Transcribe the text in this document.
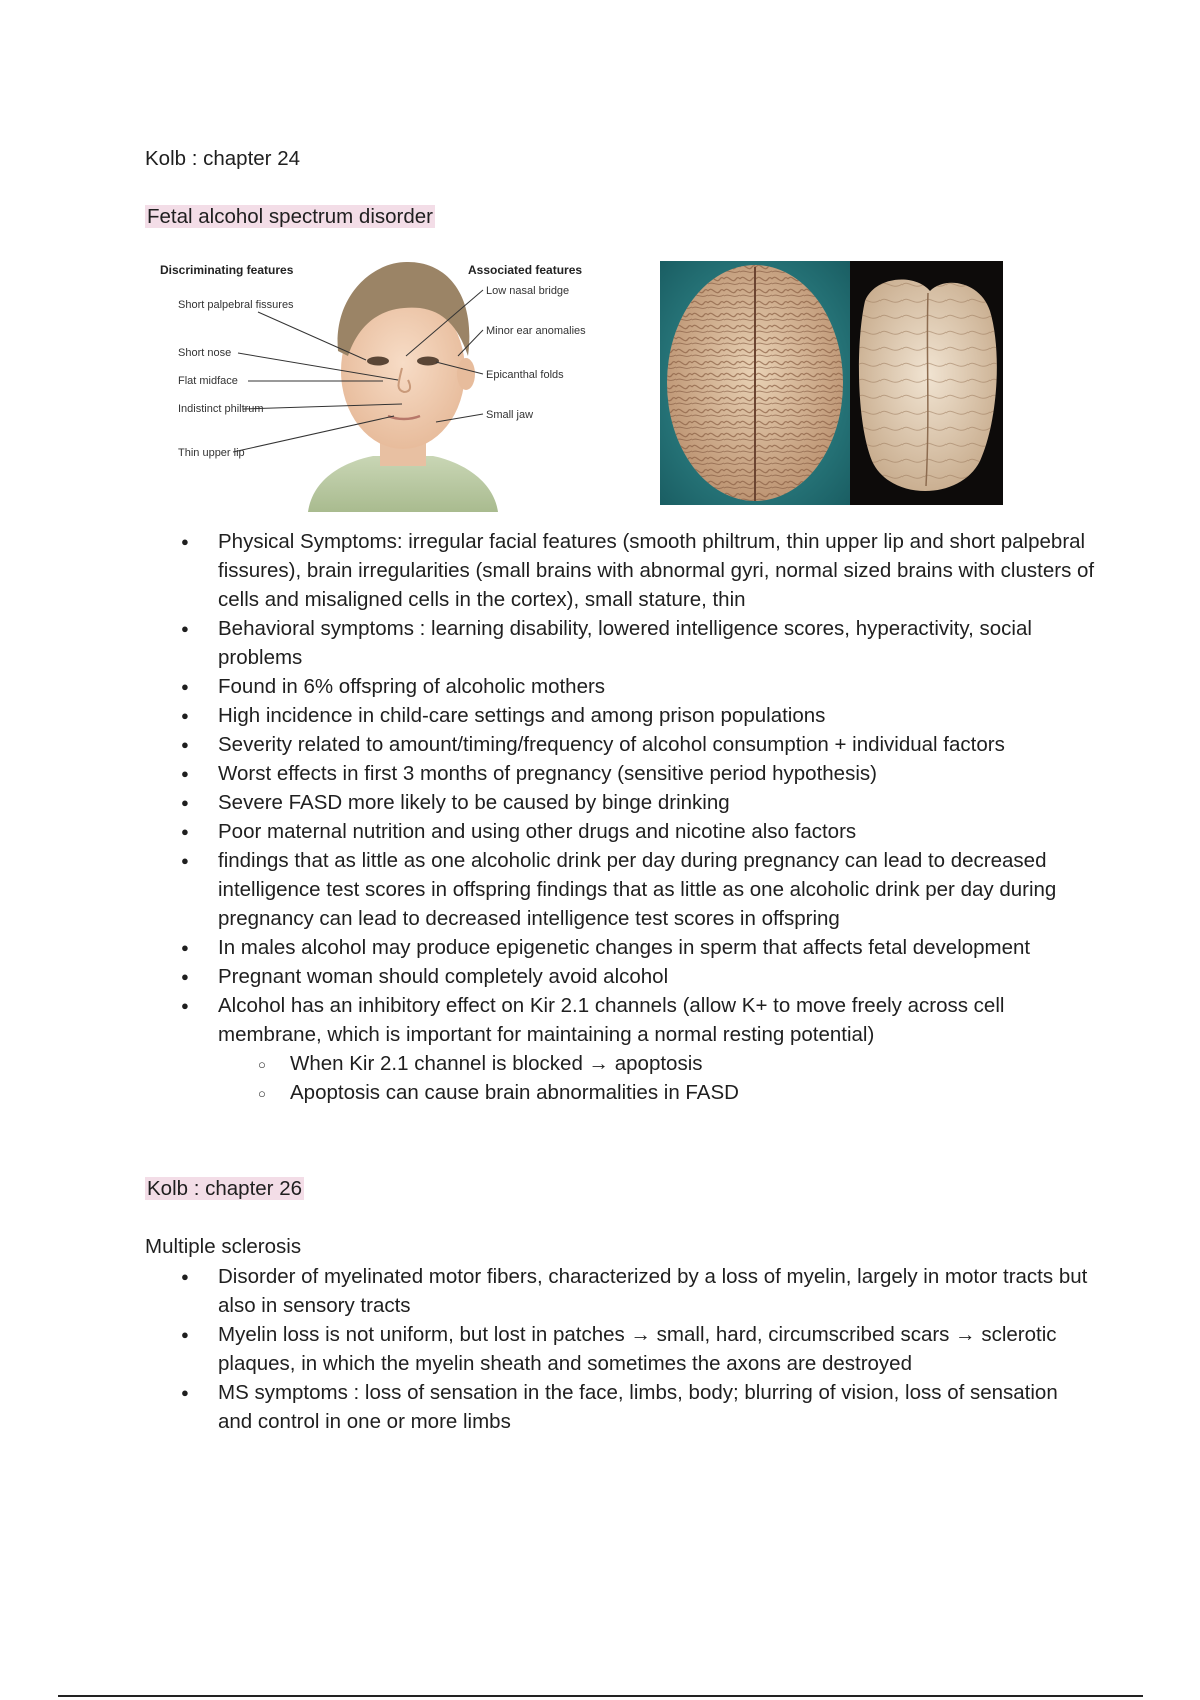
Kolb : chapter 24
Fetal alcohol spectrum disorder
Discriminating features	Associated features
Short palpebral fissures
Short nose
Flat midface
Indistinct philtrum
Thin upper lip
Low nasal bridge
Minor ear anomalies
Epicanthal folds
Small jaw
● Physical Symptoms: irregular facial features (smooth philtrum, thin upper lip and short palpebral fissures), brain irregularities (small brains with abnormal gyri, normal sized brains with clusters of cells and misaligned cells in the cortex), small stature, thin
● Behavioral symptoms : learning disability, lowered intelligence scores, hyperactivity, social problems
● Found in 6% offspring of alcoholic mothers
● High incidence in child-care settings and among prison populations
● Severity related to amount/timing/frequency of alcohol consumption + individual factors
● Worst effects in first 3 months of pregnancy (sensitive period hypothesis)
● Severe FASD more likely to be caused by binge drinking
● Poor maternal nutrition and using other drugs and nicotine also factors
● findings that as little as one alcoholic drink per day during pregnancy can lead to decreased intelligence test scores in offspring findings that as little as one alcoholic drink per day during pregnancy can lead to decreased intelligence test scores in offspring
● In males alcohol may produce epigenetic changes in sperm that affects fetal development
● Pregnant woman should completely avoid alcohol
● Alcohol has an inhibitory effect on Kir 2.1 channels (allow K+ to move freely across cell membrane, which is important for maintaining a normal resting potential)
○ When Kir 2.1 channel is blocked → apoptosis
○ Apoptosis can cause brain abnormalities in FASD
Kolb : chapter 26
Multiple sclerosis
● Disorder of myelinated motor fibers, characterized by a loss of myelin, largely in motor tracts but also in sensory tracts
● Myelin loss is not uniform, but lost in patches → small, hard, circumscribed scars → sclerotic plaques, in which the myelin sheath and sometimes the axons are destroyed
● MS symptoms : loss of sensation in the face, limbs, body; blurring of vision, loss of sensation and control in one or more limbs
